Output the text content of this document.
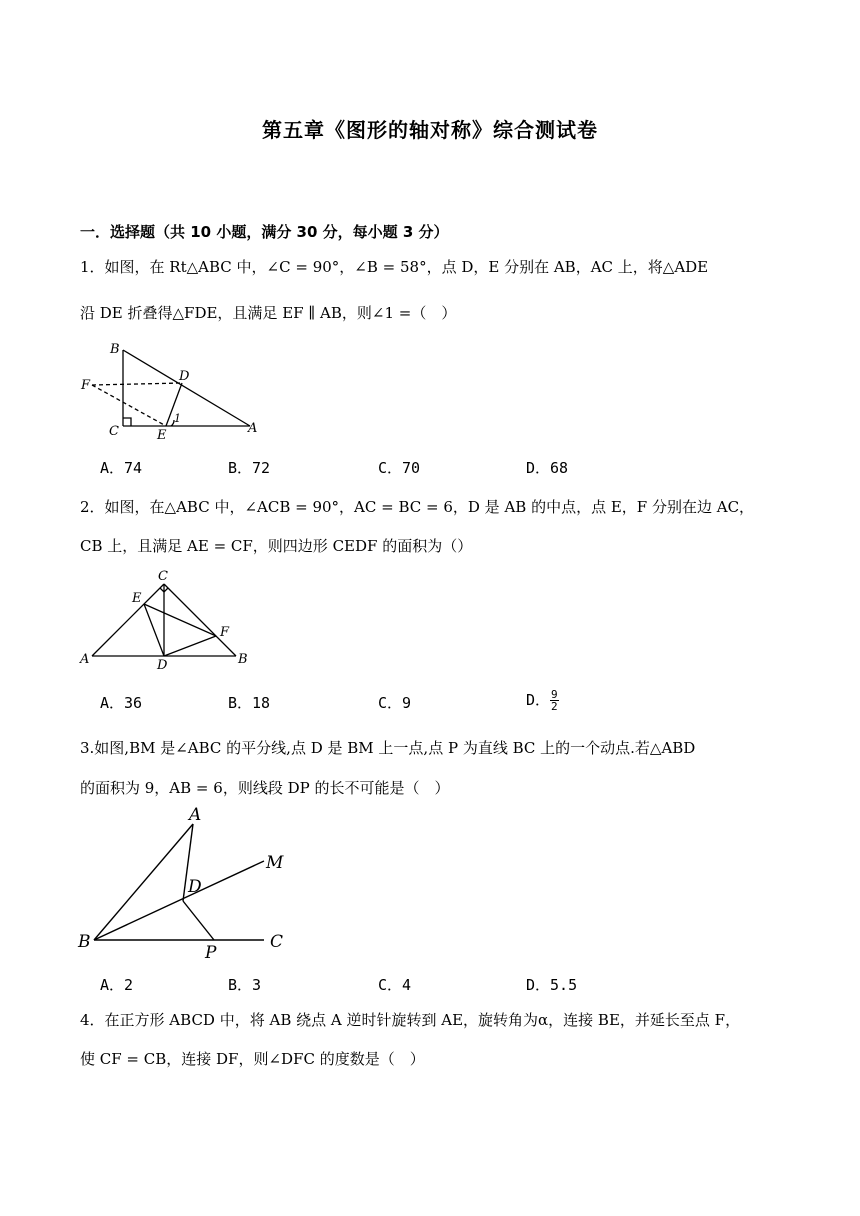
第五章《图形的轴对称》综合测试卷
一．选择题（共 10 小题，满分 30 分，每小题 3 分）
1．如图，在 Rt△ABC 中，∠C = 90°，∠B = 58°，点 D，E 分别在 AB，AC 上，将△ADE
沿 DE 折叠得△FDE，且满足 EF ∥ AB，则∠1 =（　）
B
D
F
C	E	A
1
A．74	B．72	C．70	D．68
2．如图，在△ABC 中，∠ACB = 90°，AC = BC = 6，D 是 AB 的中点，点 E，F 分别在边 AC，
CB 上，且满足 AE = CF，则四边形 CEDF 的面积为（）
C
E
F
A	D	B
A．36	B．18	C．9	D． $\frac{9}{2}$
3.如图,BM 是∠ABC 的平分线,点 D 是 BM 上一点,点 P 为直线 BC 上的一个动点.若△ABD
的面积为 9，AB = 6，则线段 DP 的长不可能是（　）
A
M
D
B
P
C
A．2	B．3	C．4	D．5.5
4．在正方形 ABCD 中，将 AB 绕点 A 逆时针旋转到 AE，旋转角为α，连接 BE，并延长至点 F，
使 CF = CB，连接 DF，则∠DFC 的度数是（　）
